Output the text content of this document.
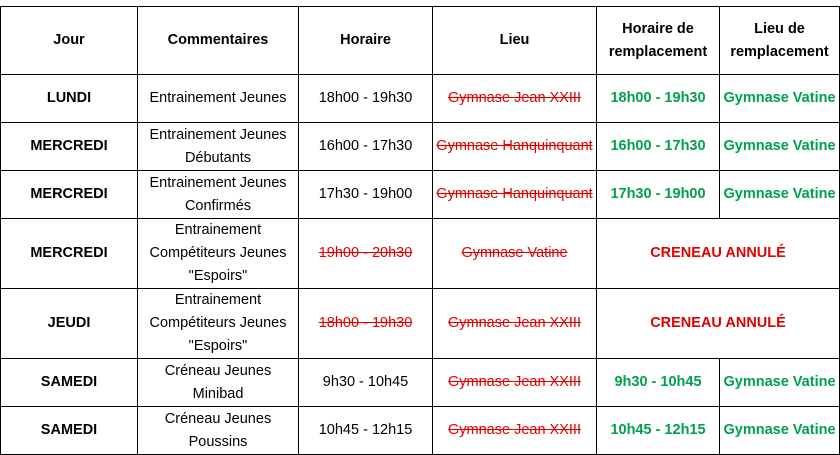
Jour	Commentaires	Horaire	Lieu	Horaire de remplacement	Lieu de remplacement
LUNDI	Entrainement Jeunes	18h00 - 19h30	Gymnase Jean XXIII	18h00 - 19h30	Gymnase Vatine
MERCREDI	Entrainement Jeunes Débutants	16h00 - 17h30	Gymnase Hanquinquant	16h00 - 17h30	Gymnase Vatine
MERCREDI	Entrainement Jeunes Confirmés	17h30 - 19h00	Gymnase Hanquinquant	17h30 - 19h00	Gymnase Vatine
MERCREDI	Entrainement Compétiteurs Jeunes "Espoirs"	19h00 - 20h30	Gymnase Vatine	CRENEAU ANNULÉ	
JEUDI	Entrainement Compétiteurs Jeunes "Espoirs"	18h00 - 19h30	Gymnase Jean XXIII	CRENEAU ANNULÉ	
SAMEDI	Créneau Jeunes Minibad	9h30 - 10h45	Gymnase Jean XXIII	9h30 - 10h45	Gymnase Vatine
SAMEDI	Créneau Jeunes Poussins	10h45 - 12h15	Gymnase Jean XXIII	10h45 - 12h15	Gymnase Vatine
